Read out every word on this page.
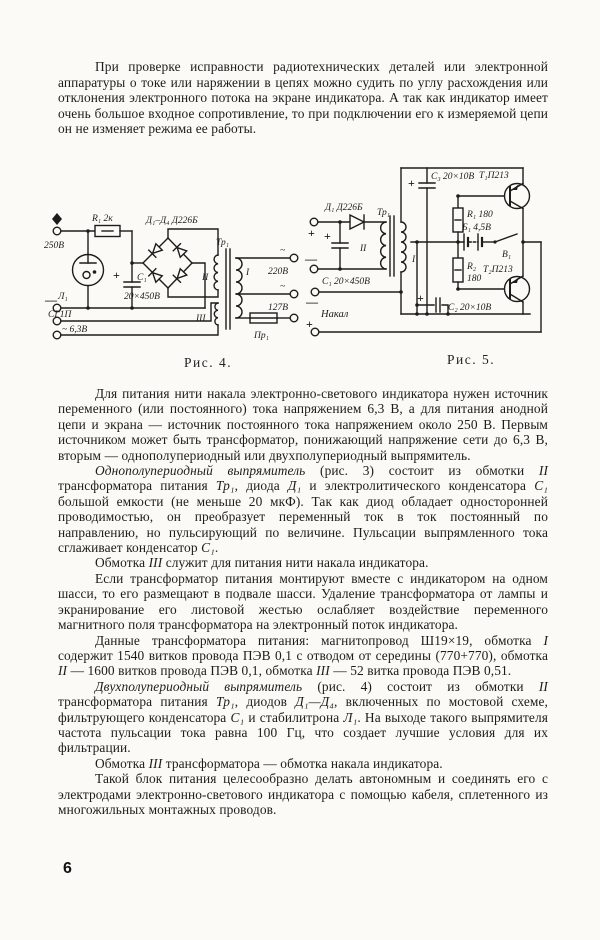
При проверке исправности радиотехнических деталей или электронной аппаратуры о токе или наряжении в цепях можно судить по углу расхождения или отклонения электронного потока на экране индикатора. А так как индикатор имеет очень большое входное сопротивление, то при подключении его к измеряемой цепи он не изменяет режима ее работы.

250В
R₁ 2к	Д₁–Д₄ Д226Б
Л₁
СГ1П
—
+ С₁
20×450В
Тр₁
II
III
I
~
220В
~
127В
Пр₁
~ 6,3В
+
Д₁ Д226Б
+
—
С₁ 20×450В
II
I
Тр₁
+ С₃ 20×10В Т₁П213
R₁ 180
Б₁ 4,5В
В₁
R₂
180
Т₂П213
+
С₂ 20×10В
—
Накал
+
Рис. 4.	Рис. 5.

Для питания нити накала электронно-светового индикатора нужен источник переменного (или постоянного) тока напряжением 6,3 В, а для питания анодной цепи и экрана — источник постоянного тока напряжением около 250 В. Первым источником может быть трансформатор, понижающий напряжение сети до 6,3 В, вторым — однополупериодный или двухполупериодный выпрямитель.

Однополупериодный выпрямитель (рис. 3) состоит из обмотки II трансформатора питания Тр₁, диода Д₁ и электролитического конденсатора С₁ большой емкости (не меньше 20 мкФ). Так как диод обладает односторонней проводимостью, он преобразует переменный ток в ток постоянный по направлению, но пульсирующий по величине. Пульсации выпрямленного тока сглаживает конденсатор С₁.

Обмотка III служит для питания нити накала индикатора.

Если трансформатор питания монтируют вместе с индикатором на одном шасси, то его размещают в подвале шасси. Удаление трансформатора от лампы и экранирование его листовой жестью ослабляет воздействие переменного магнитного поля трансформатора на электронный поток индикатора.

Данные трансформатора питания: магнитопровод Ш19×19, обмотка I содержит 1540 витков провода ПЭВ 0,1 с отводом от середины (770+770), обмотка II — 1600 витков провода ПЭВ 0,1, обмотка III — 52 витка провода ПЭВ 0,51.

Двухполупериодный выпрямитель (рис. 4) состоит из обмотки II трансформатора питания Тр₁, диодов Д₁—Д₄, включенных по мостовой схеме, фильтрующего конденсатора С₁ и стабилитрона Л₁. На выходе такого выпрямителя частота пульсации тока равна 100 Гц, что создает лучшие условия для их фильтрации.

Обмотка III трансформатора — обмотка накала индикатора.

Такой блок питания целесообразно делать автономным и соединять его с электродами электронно-светового индикатора с помощью кабеля, сплетенного из многожильных монтажных проводов.

6
